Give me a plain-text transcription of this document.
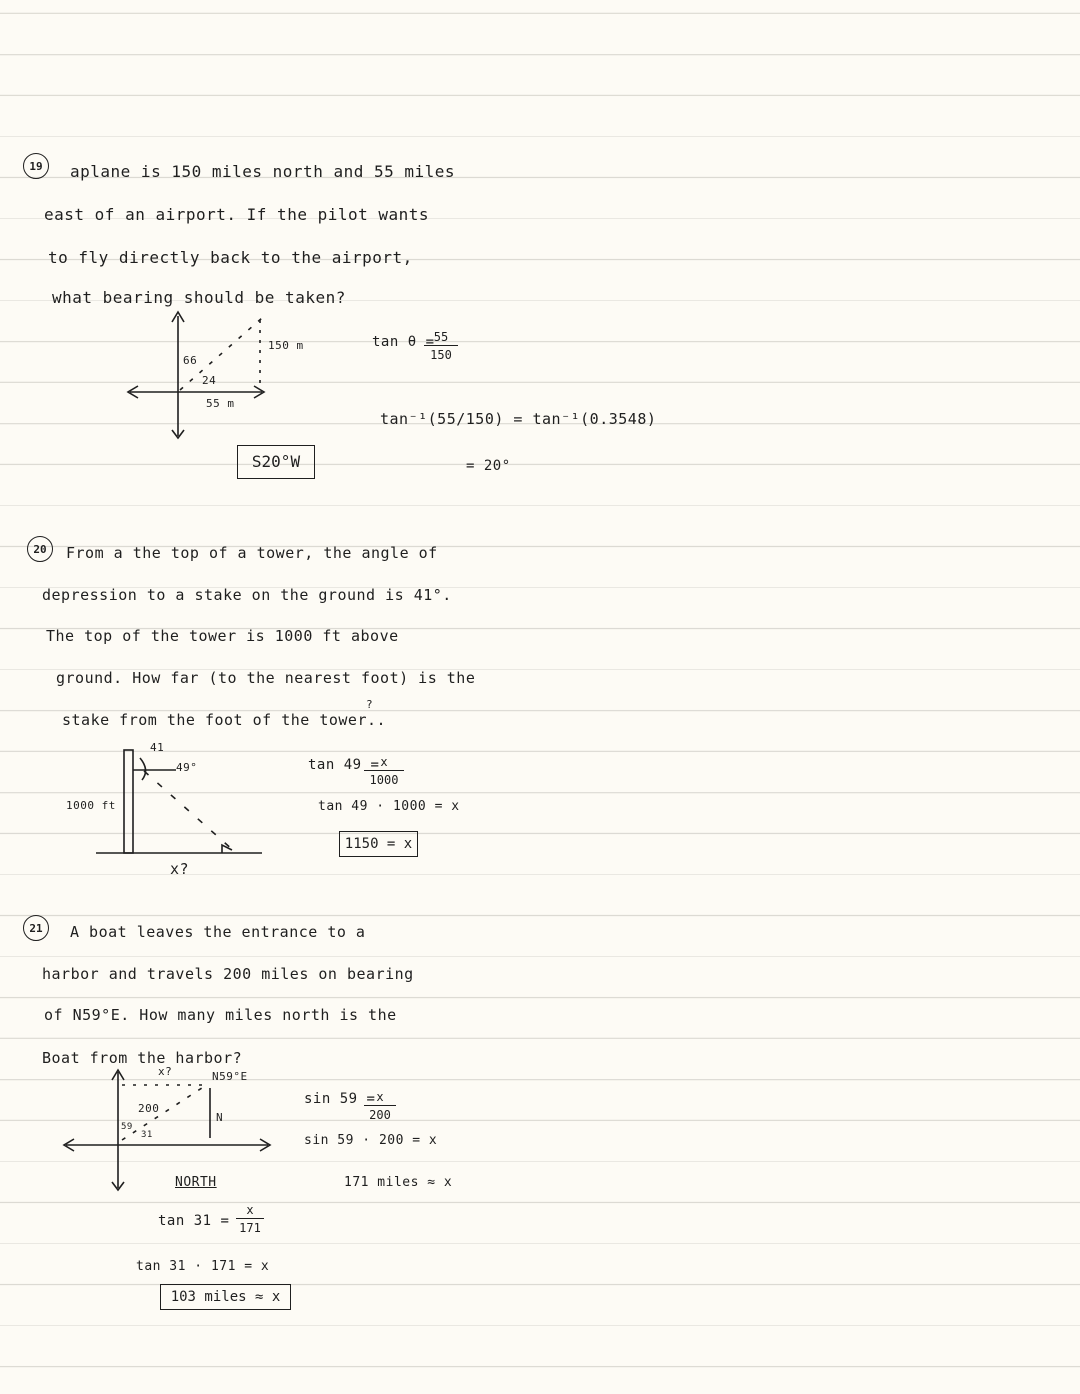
19	aplane is 150 miles north and 55 miles
east of an airport. If the pilot wants
to fly directly back to the airport,
what bearing should be taken?
150 m
55 m
66
24
tan θ =
$\frac{55}{150}$
tan⁻¹(55/150) = tan⁻¹(0.3548)
= 20°
S20°W
20	From a the top of a tower, the angle of
depression to a stake on the ground is 41°.
The top of the tower is 1000 ft above
ground. How far (to the nearest foot) is the
stake from the foot of the tower..
?
41
49°
1000 ft
x?
tan 49 =
$\frac{x}{1000}$
tan 49 · 1000 = x
1150 = x
21	A boat leaves the entrance to a
harbor and travels 200 miles on bearing
of N59°E. How many miles north is the
Boat from the harbor?
x?	N59°E
200
59
31
N
sin 59 =
$\frac{x}{200}$
sin 59 · 200 = x
171 miles ≈ x
NORTH
$\tan 31 = \frac{x}{171}$
tan 31 · 171 = x
103 miles ≈ x
